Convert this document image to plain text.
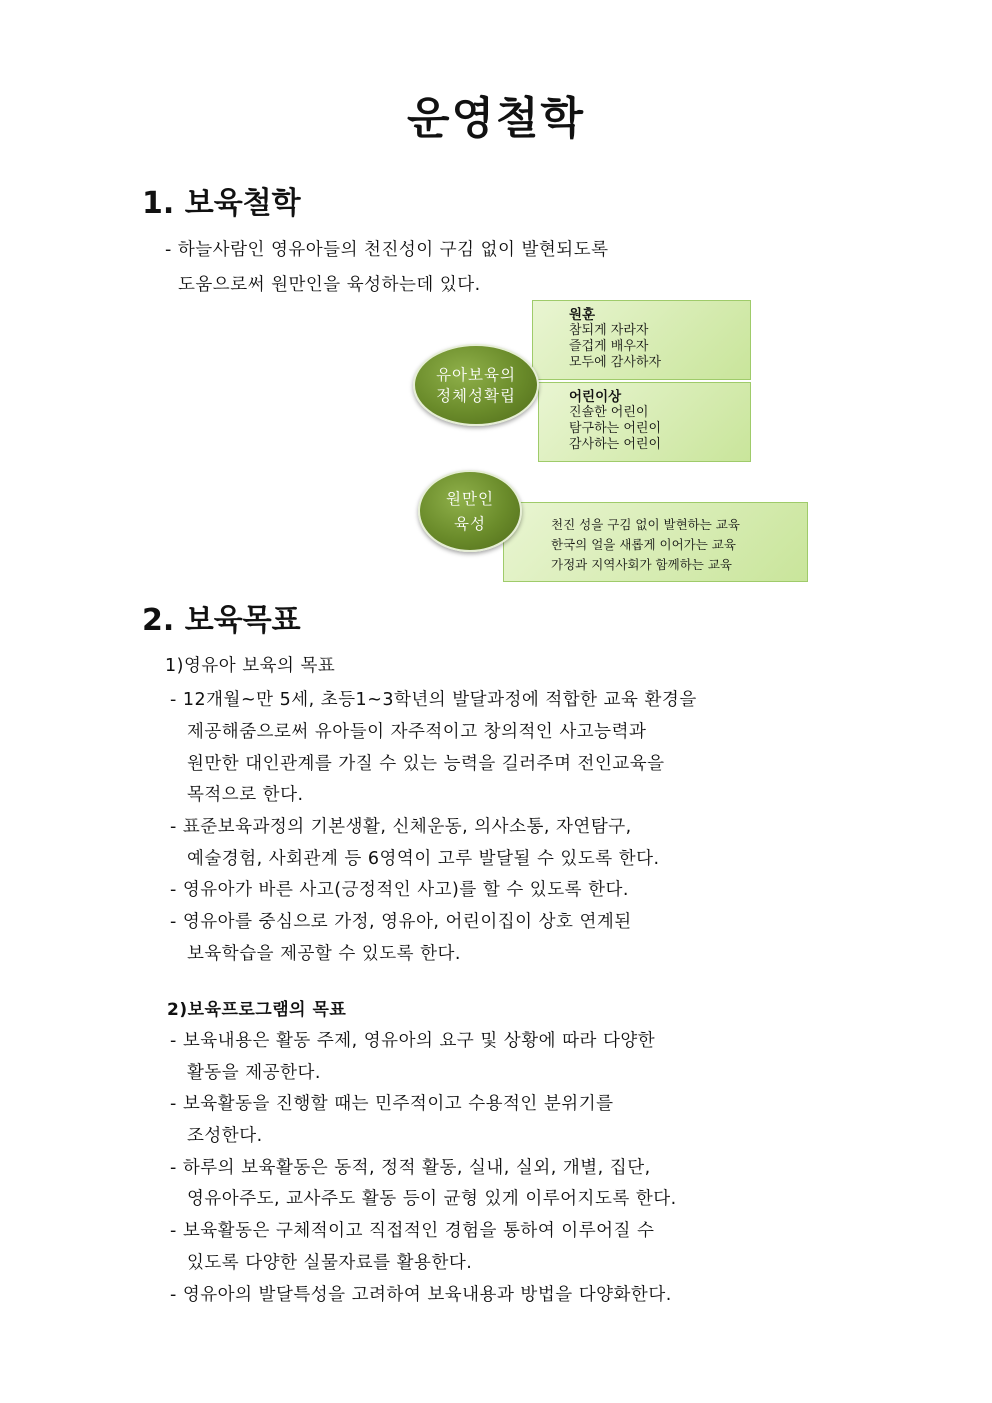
운영철학
1. 보육철학
- 하늘사람인 영유아들의 천진성이 구김 없이 발현되도록
도움으로써 원만인을 육성하는데 있다.
원훈
참되게 자라자
즐겁게 배우자
모두에 감사하자
어린이상
진솔한 어린이
탐구하는 어린이
감사하는 어린이
유아보육의
정체성확립
천진 성을 구김 없이 발현하는 교육
한국의 얼을 새롭게 이어가는 교육
가정과 지역사회가 함께하는 교육
원만인
육성
2. 보육목표
1)영유아 보육의 목표
- 12개월~만 5세, 초등1~3학년의 발달과정에 적합한 교육 환경을
제공해줌으로써 유아들이 자주적이고 창의적인 사고능력과
원만한 대인관계를 가질 수 있는 능력을 길러주며 전인교육을
목적으로 한다.
- 표준보육과정의 기본생활, 신체운동, 의사소통, 자연탐구,
예술경험, 사회관계 등 6영역이 고루 발달될 수 있도록 한다.
- 영유아가 바른 사고(긍정적인 사고)를 할 수 있도록 한다.
- 영유아를 중심으로 가정, 영유아, 어린이집이 상호 연계된
보육학습을 제공할 수 있도록 한다.
2)보육프로그램의 목표
- 보육내용은 활동 주제, 영유아의 요구 및 상황에 따라 다양한
활동을 제공한다.
- 보육활동을 진행할 때는 민주적이고 수용적인 분위기를
조성한다.
- 하루의 보육활동은 동적, 정적 활동, 실내, 실외, 개별, 집단,
영유아주도, 교사주도 활동 등이 균형 있게 이루어지도록 한다.
- 보육활동은 구체적이고 직접적인 경험을 통하여 이루어질 수
있도록 다양한 실물자료를 활용한다.
- 영유아의 발달특성을 고려하여 보육내용과 방법을 다양화한다.
